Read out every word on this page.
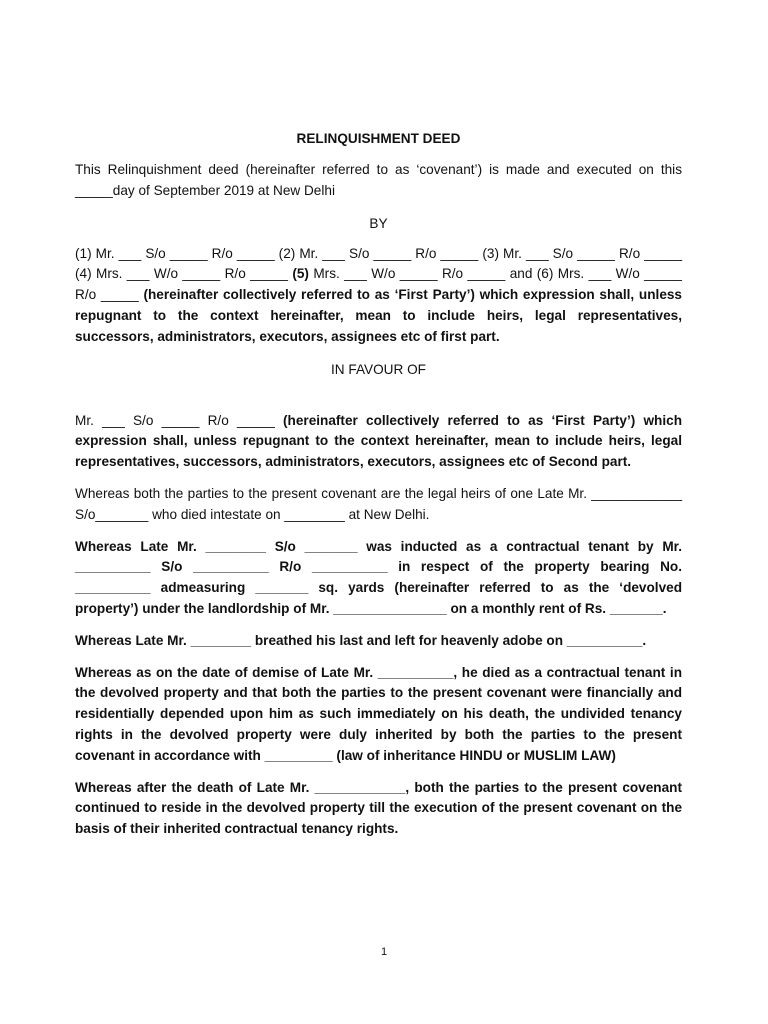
RELINQUISHMENT DEED

This Relinquishment deed (hereinafter referred to as ‘covenant’) is made and executed on this _____day of September 2019 at New Delhi

BY

(1) Mr. ___ S/o _____ R/o _____ (2) Mr. ___ S/o _____ R/o _____ (3) Mr. ___ S/o _____ R/o _____ (4) Mrs. ___ W/o _____ R/o _____ (5) Mrs. ___ W/o _____ R/o _____ and (6) Mrs. ___ W/o _____ R/o _____ (hereinafter collectively referred to as ‘First Party’) which expression shall, unless repugnant to the context hereinafter, mean to include heirs, legal representatives, successors, administrators, executors, assignees etc of first part.

IN FAVOUR OF

Mr. ___ S/o _____ R/o _____ (hereinafter collectively referred to as ‘First Party’) which expression shall, unless repugnant to the context hereinafter, mean to include heirs, legal representatives, successors, administrators, executors, assignees etc of Second part.

Whereas both the parties to the present covenant are the legal heirs of one Late Mr. ____________ S/o_______ who died intestate on ________ at New Delhi.

Whereas Late Mr. ________ S/o _______ was inducted as a contractual tenant by Mr. __________ S/o __________ R/o __________ in respect of the property bearing No. __________ admeasuring _______ sq. yards (hereinafter referred to as the ‘devolved property’) under the landlordship of Mr. _______________ on a monthly rent of Rs. _______.

Whereas Late Mr. ________ breathed his last and left for heavenly adobe on __________.

Whereas as on the date of demise of Late Mr. __________, he died as a contractual tenant in the devolved property and that both the parties to the present covenant were financially and residentially depended upon him as such immediately on his death, the undivided tenancy rights in the devolved property were duly inherited by both the parties to the present covenant in accordance with _________ (law of inheritance HINDU or MUSLIM LAW)

Whereas after the death of Late Mr. ____________, both the parties to the present covenant continued to reside in the devolved property till the execution of the present covenant on the basis of their inherited contractual tenancy rights.

1
